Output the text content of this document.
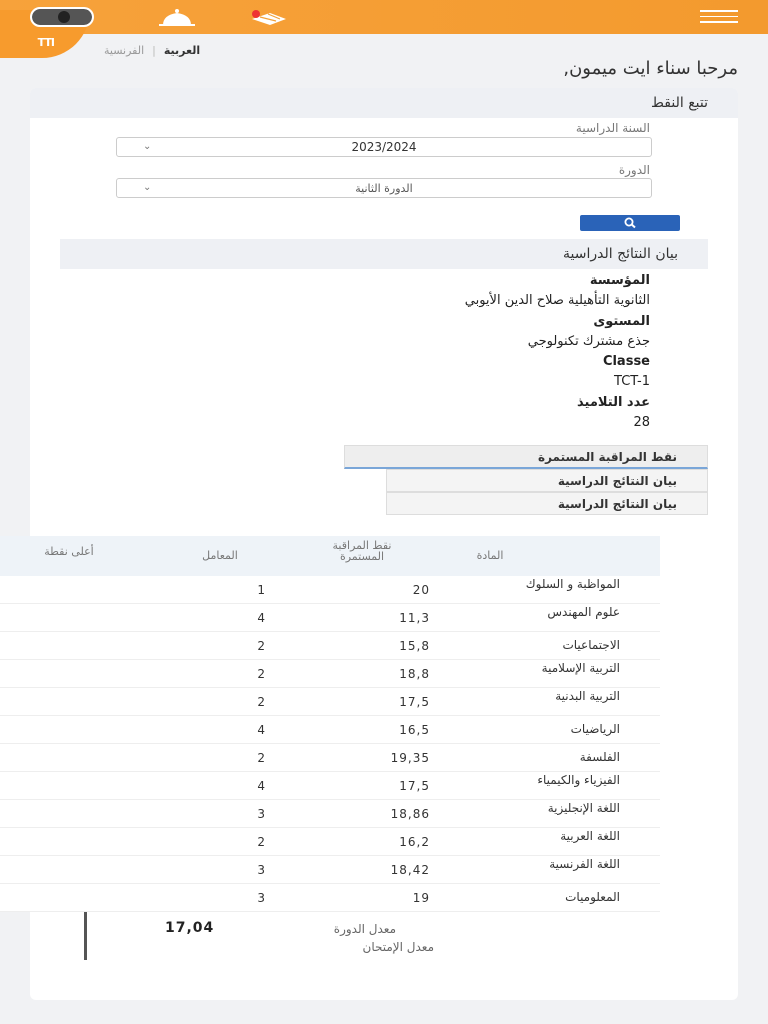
TTI
الفرنسية | العربية
مرحبا سناء ايت ميمون,
تتبع النقط
السنة الدراسية
2023/2024
⌄
الدورة
الدورة الثانية
⌄
بيان النتائج الدراسية
المؤسسة
الثانوية التأهيلية صلاح الدين الأيوبي
المستوى
جذع مشترك تكنولوجي
Classe
TCT-1
عدد التلاميذ
28
نقط المراقبة المستمرة
بيان النتائج الدراسية
بيان النتائج الدراسية
المادة
نقط المراقبة المستمرة
المعامل
أعلى نقطة
المواظبة و السلوك
20
1
علوم المهندس
11,3
4
الاجتماعيات
15,8
2
التربية الإسلامية
18,8
2
التربية البدنية
17,5
2
الرياضيات
16,5
4
الفلسفة
19,35
2
الفيزياء والكيمياء
17,5
4
اللغة الإنجليزية
18,86
3
اللغة العربية
16,2
2
اللغة الفرنسية
18,42
3
المعلوميات
19
3
معدل الدورة
17,04
معدل الإمتحان
